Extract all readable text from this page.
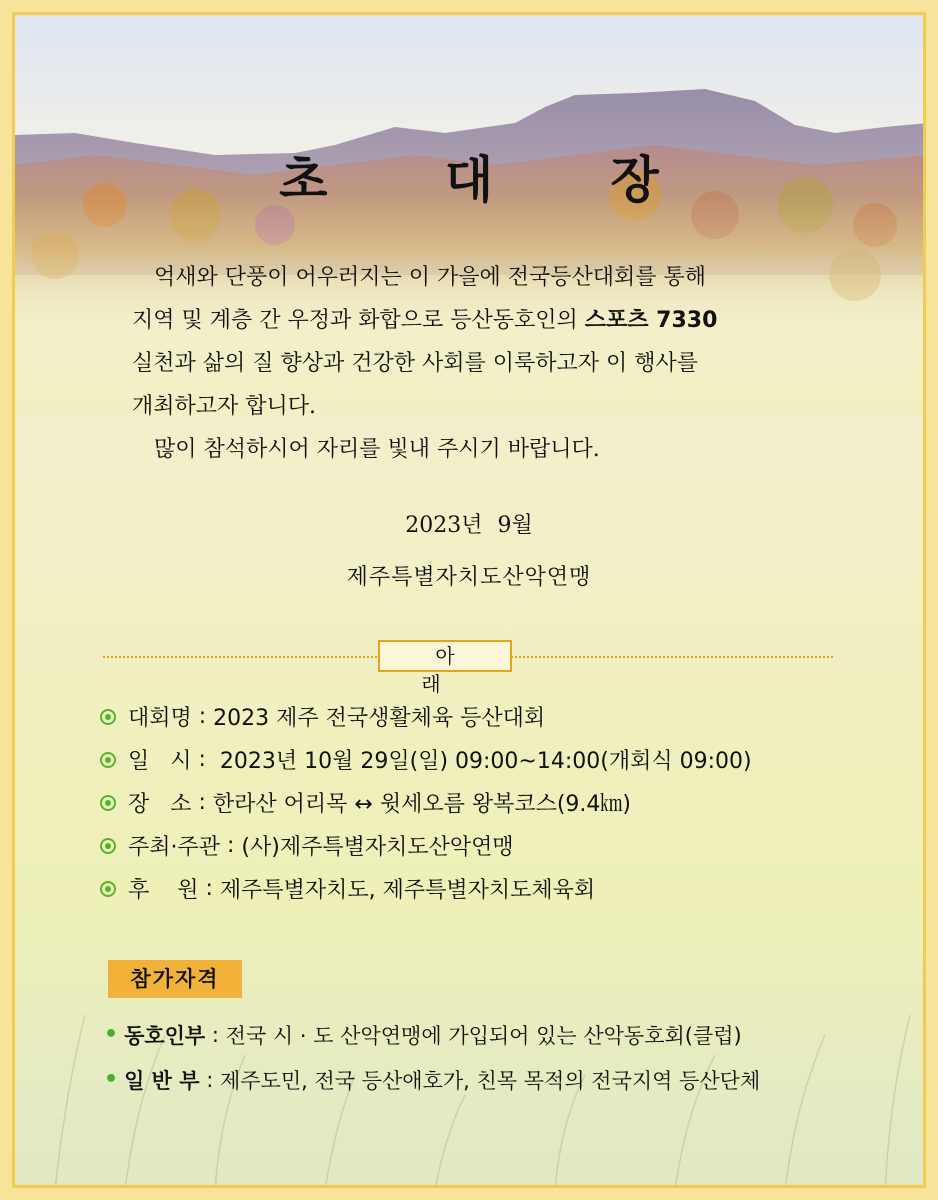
초 대 장

억새와 단풍이 어우러지는 이 가을에 전국등산대회를 통해

지역 및 계층 간 우정과 화합으로 등산동호인의 스포츠 7330

실천과 삶의 질 향상과 건강한 사회를 이룩하고자 이 행사를

개최하고자 합니다.

많이 참석하시어 자리를 빛내 주시기 바랍니다.

2023년 9월
제주특별자치도산악연맹
아 래
대회명 : 2023 제주 전국생활체육 등산대회
일   시 : 2023년 10월 29일(일) 09:00~14:00(개회식 09:00)
장   소 : 한라산 어리목 ↔ 윗세오름 왕복코스(9.4㎞)
주최·주관 : (사)제주특별자치도산악연맹
후    원 : 제주특별자치도, 제주특별자치도체육회
참가자격
• 동호인부 : 전국 시 · 도 산악연맹에 가입되어 있는 산악동호회(클럽)
• 일 반 부 : 제주도민, 전국 등산애호가, 친목 목적의 전국지역 등산단체
